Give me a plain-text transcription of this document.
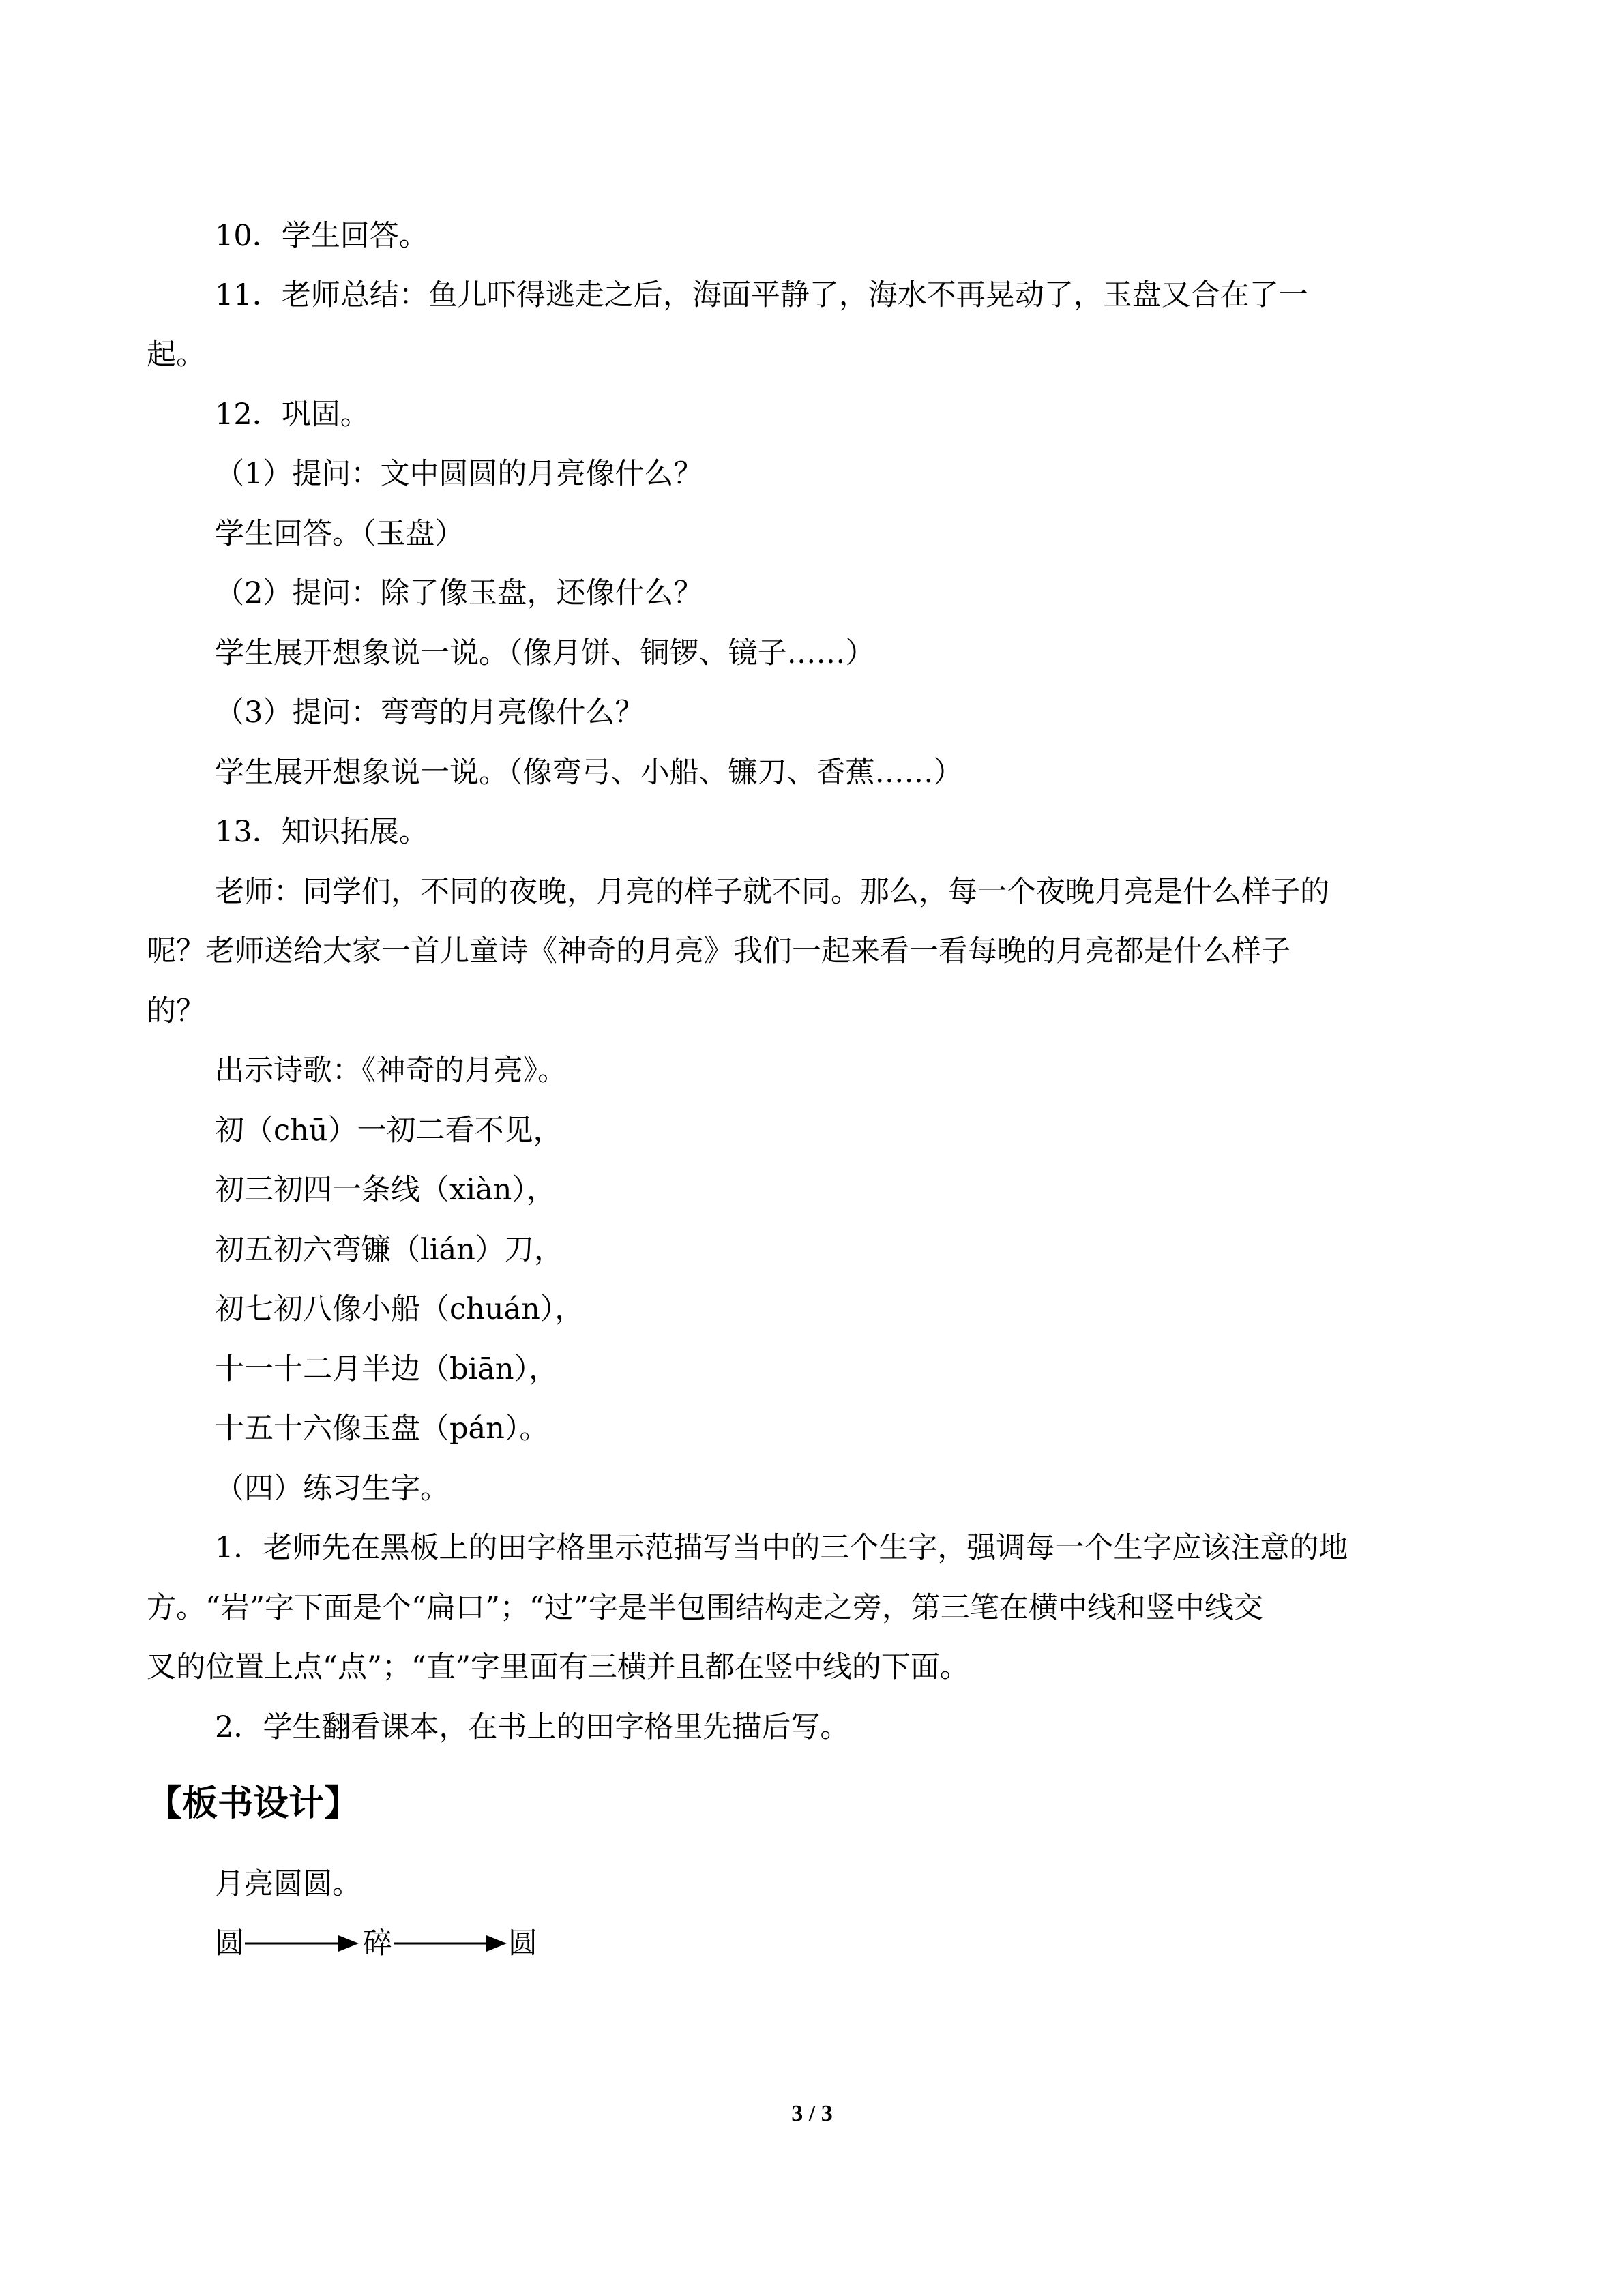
10．学生回答。
11．老师总结：鱼儿吓得逃走之后，海面平静了，海水不再晃动了，玉盘又合在了一
起。
12．巩固。
（1）提问：文中圆圆的月亮像什么？
学生回答。（玉盘）
（2）提问：除了像玉盘，还像什么？
学生展开想象说一说。（像月饼、铜锣、镜子……）
（3）提问：弯弯的月亮像什么？
学生展开想象说一说。（像弯弓、小船、镰刀、香蕉……）
13．知识拓展。
老师：同学们，不同的夜晚，月亮的样子就不同。那么，每一个夜晚月亮是什么样子的
呢？老师送给大家一首儿童诗《神奇的月亮》我们一起来看一看每晚的月亮都是什么样子
的？
出示诗歌：《神奇的月亮》。
初（chū）一初二看不见，
初三初四一条线（xiàn），
初五初六弯镰（lián）刀，
初七初八像小船（chuán），
十一十二月半边（biān），
十五十六像玉盘（pán）。
（四）练习生字。
1．老师先在黑板上的田字格里示范描写当中的三个生字，强调每一个生字应该注意的地
方。“岩”字下面是个“扁口”；“过”字是半包围结构走之旁，第三笔在横中线和竖中线交
叉的位置上点“点”；“直”字里面有三横并且都在竖中线的下面。
2．学生翻看课本，在书上的田字格里先描后写。
【板书设计】
月亮圆圆。
圆	碎	圆
3 / 3
